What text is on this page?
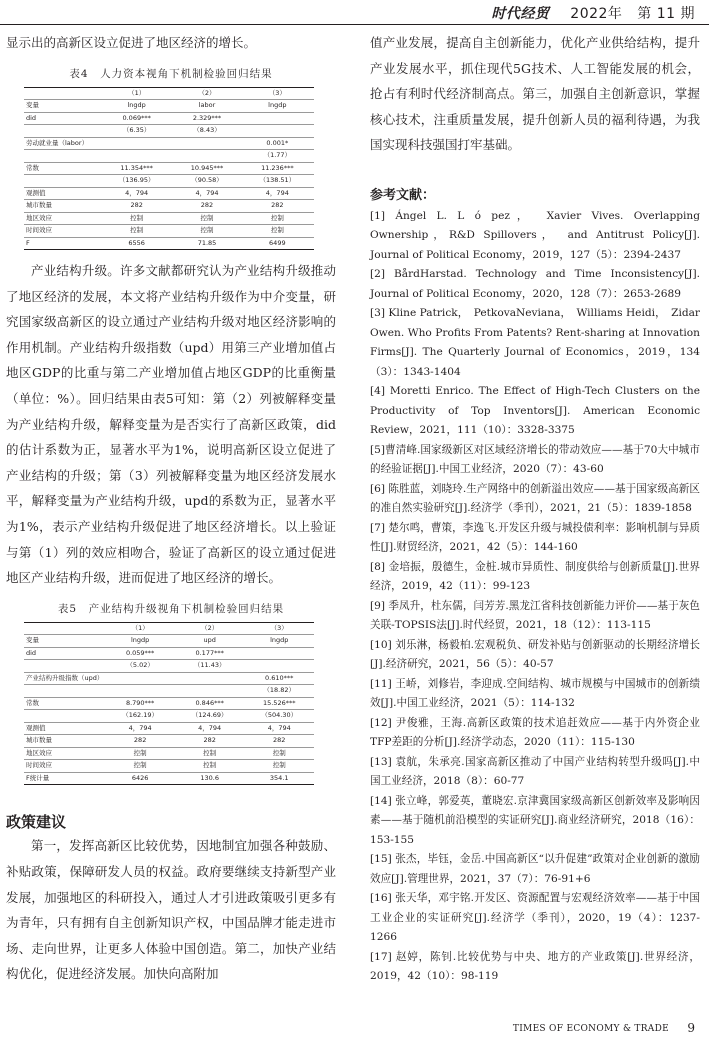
时代经贸 2022年 第 11 期

显示出的高新区设立促进了地区经济的增长。

表4　人力资本视角下机制检验回归结果
	（1）	（2）	（3）
变量	lngdp	labor	lngdp
did	0.069***	2.329***	
	（6.35）	（8.43）	
劳动就业量（labor）			0.001*
			（1.77）
常数	11.354***	10.945***	11.236***
	（136.95）	（90.58）	（138.51）
观测值	4，794	4，794	4，794
城市数量	282	282	282
地区效应	控制	控制	控制
时间效应	控制	控制	控制
F	6556	71.85	6499

产业结构升级。许多文献都研究认为产业结构升级推动了地区经济的发展，本文将产业结构升级作为中介变量，研究国家级高新区的设立通过产业结构升级对地区经济影响的作用机制。产业结构升级指数（upd）用第三产业增加值占地区GDP的比重与第二产业增加值占地区GDP的比重衡量（单位：%）。回归结果由表5可知：第（2）列被解释变量为产业结构升级，解释变量为是否实行了高新区政策，did的估计系数为正，显著水平为1%，说明高新区设立促进了产业结构的升级；第（3）列被解释变量为地区经济发展水平，解释变量为产业结构升级，upd的系数为正，显著水平为1%，表示产业结构升级促进了地区经济增长。以上验证与第（1）列的效应相吻合，验证了高新区的设立通过促进地区产业结构升级，进而促进了地区经济的增长。

表5　产业结构升级视角下机制检验回归结果
	（1）	（2）	（3）
变量	lngdp	upd	lngdp
did	0.059***	0.177***	
	（5.02）	（11.43）	
产业结构升级指数（upd）			0.610***
			（18.82）
常数	8.790***	0.846***	15.526***
	（162.19）	（124.69）	（504.30）
观测值	4，794	4，794	4，794
城市数量	282	282	282
地区效应	控制	控制	控制
时间效应	控制	控制	控制
F统计量	6426	130.6	354.1
政策建议

第一，发挥高新区比较优势，因地制宜加强各种鼓励、补贴政策，保障研发人员的权益。政府要继续支持新型产业发展，加强地区的科研投入，通过人才引进政策吸引更多有为青年，只有拥有自主创新知识产权，中国品牌才能走进市场、走向世界，让更多人体验中国创造。第二，加快产业结构优化，促进经济发展。加快向高附加

值产业发展，提高自主创新能力，优化产业供给结构，提升产业发展水平，抓住现代5G技术、人工智能发展的机会，抢占有利时代经济制高点。第三，加强自主创新意识，掌握核心技术，注重质量发展，提升创新人员的福利待遇，为我国实现科技强国打牢基础。

参考文献：

[1] Ángel L. L ó pez，　Xavier Vives. Overlapping Ownership，R&D Spillovers，　and Antitrust Policy[J]. Journal of Political Economy，2019，127（5）：2394-2437

[2] BårdHarstad. Technology and Time Inconsistency[J]. Journal of Political Economy，2020，128（7）：2653-2689

[3] Kline Patrick，　PetkovaNeviana，　Williams Heidi，　Zidar Owen. Who Profits From Patents? Rent-sharing at Innovation Firms[J]. The Quarterly Journal of Economics，2019，134（3）：1343-1404

[4] Moretti Enrico. The Effect of High-Tech Clusters on the Productivity of Top Inventors[J]. American Economic Review，2021，111（10）：3328-3375

[5]曹清峰.国家级新区对区域经济增长的带动效应——基于70大中城市的经验证据[J].中国工业经济，2020（7）：43-60

[6] 陈胜蓝，刘晓玲.生产网络中的创新溢出效应——基于国家级高新区的准自然实验研究[J].经济学（季刊），2021，21（5）：1839-1858

[7] 楚尔鸣，曹策，李逸飞.开发区升级与城投债利率：影响机制与异质性[J].财贸经济，2021，42（5）：144-160

[8] 金培振，殷德生，金桩.城市异质性、制度供给与创新质量[J].世界经济，2019，42（11）：99-123

[9] 季凤升，杜东儒，闫芳芳.黑龙江省科技创新能力评价——基于灰色关联-TOPSIS法[J].时代经贸，2021，18（12）：113-115

[10] 刘乐淋，杨毅柏.宏观税负、研发补贴与创新驱动的长期经济增长[J].经济研究，2021，56（5）：40-57

[11] 王峤，刘修岩，李迎成.空间结构、城市规模与中国城市的创新绩效[J].中国工业经济，2021（5）：114-132

[12] 尹俊雅，王海.高新区政策的技术追赶效应——基于内外资企业TFP差距的分析[J].经济学动态，2020（11）：115-130

[13] 袁航，朱承亮.国家高新区推动了中国产业结构转型升级吗[J].中国工业经济，2018（8）：60-77

[14] 张立峰，郭爱英，董晓宏.京津冀国家级高新区创新效率及影响因素——基于随机前沿模型的实证研究[J].商业经济研究，2018（16）：153-155

[15] 张杰，毕钰，金岳.中国高新区“以升促建”政策对企业创新的激励效应[J].管理世界，2021，37（7）：76-91+6

[16] 张天华，邓宇铭.开发区、资源配置与宏观经济效率——基于中国工业企业的实证研究[J].经济学（季刊），2020，19（4）：1237-1266

[17] 赵婷，陈钊.比较优势与中央、地方的产业政策[J].世界经济，2019，42（10）：98-119

TIMES OF ECONOMY & TRADE 9
